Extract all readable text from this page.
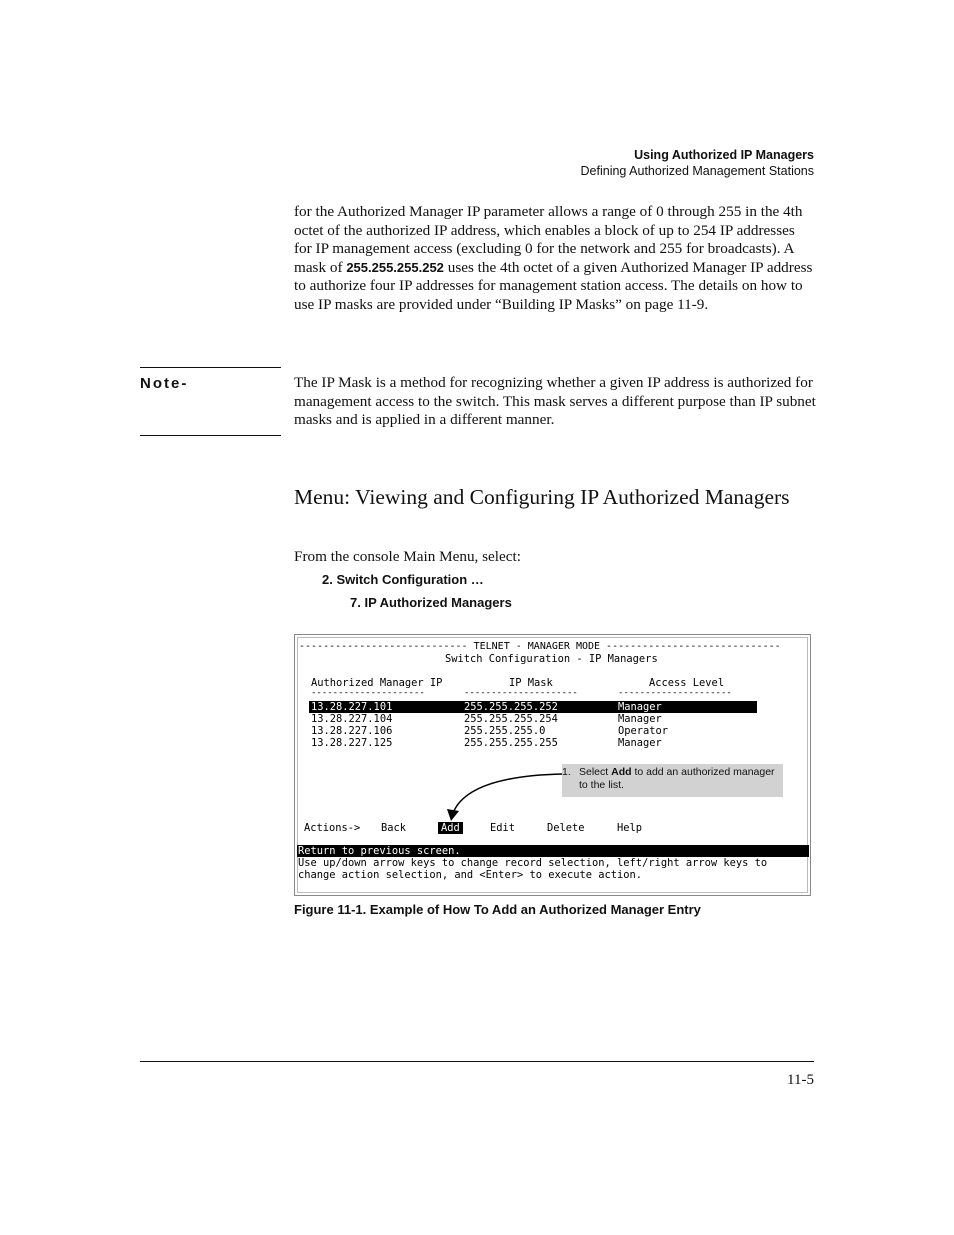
Using Authorized IP Managers
Defining Authorized Management Stations
for the Authorized Manager IP parameter allows a range of 0 through 255 in the 4th octet of the authorized IP address, which enables a block of up to 254 IP addresses for IP management access (excluding 0 for the network and 255 for broadcasts). A mask of 255.255.255.252 uses the 4th octet of a given Authorized Manager IP address to authorize four IP addresses for management station access. The details on how to use IP masks are provided under “Building IP Masks” on page 11-9.
Note-	The IP Mask is a method for recognizing whether a given IP address is authorized for management access to the switch. This mask serves a different purpose than IP subnet masks and is applied in a different manner.
Menu: Viewing and Configuring IP Authorized Managers
From the console Main Menu, select:
2. Switch Configuration …
7. IP Authorized Managers
---------------------------- TELNET - MANAGER MODE -----------------------------
Switch Configuration - IP Managers
Authorized Manager IP	IP Mask	Access Level
---------------------	---------------------	---------------------
13.28.227.101	255.255.255.252	Manager
13.28.227.104	255.255.255.254	Manager
13.28.227.106	255.255.255.0	Operator
13.28.227.125	255.255.255.255	Manager
Actions-> Back	Add	Edit	Delete	Help
Return to previous screen.
Use up/down arrow keys to change record selection, left/right arrow keys to
change action selection, and <Enter> to execute action.
1. Select Add to add an authorized manager to the list.
Figure 11-1. Example of How To Add an Authorized Manager Entry
11-5
